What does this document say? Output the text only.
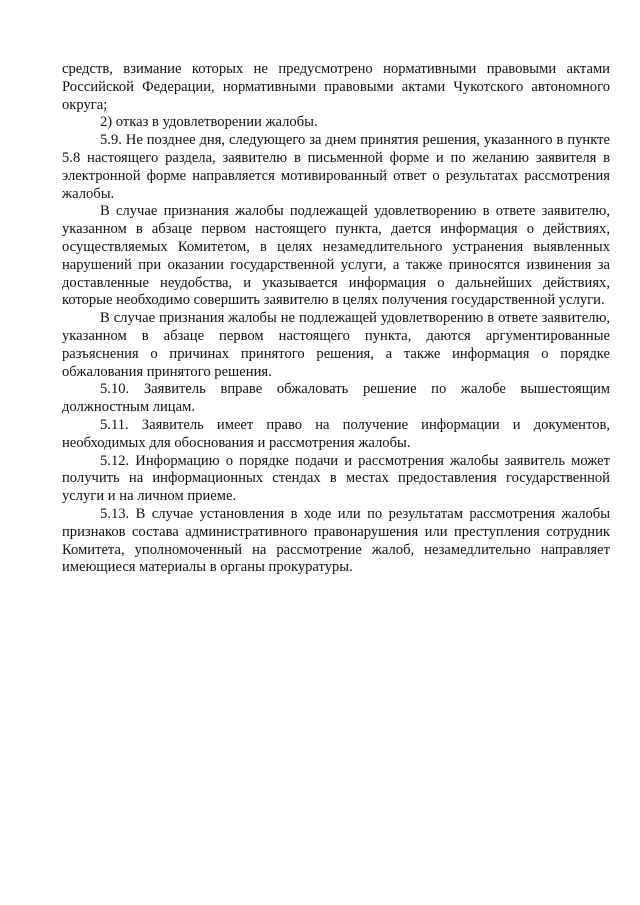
средств, взимание которых не предусмотрено нормативными правовыми актами Российской Федерации, нормативными правовыми актами Чукотского автономного округа;

2) отказ в удовлетворении жалобы.

5.9. Не позднее дня, следующего за днем принятия решения, указанного в пункте 5.8 настоящего раздела, заявителю в письменной форме и по желанию заявителя в электронной форме направляется мотивированный ответ о результатах рассмотрения жалобы.

В случае признания жалобы подлежащей удовлетворению в ответе заявителю, указанном в абзаце первом настоящего пункта, дается информация о действиях, осуществляемых Комитетом, в целях незамедлительного устранения выявленных нарушений при оказании государственной услуги, а также приносятся извинения за доставленные неудобства, и указывается информация о дальнейших действиях, которые необходимо совершить заявителю в целях получения государственной услуги.

В случае признания жалобы не подлежащей удовлетворению в ответе заявителю, указанном в абзаце первом настоящего пункта, даются аргументированные разъяснения о причинах принятого решения, а также информация о порядке обжалования принятого решения.

5.10. Заявитель вправе обжаловать решение по жалобе вышестоящим должностным лицам.

5.11. Заявитель имеет право на получение информации и документов, необходимых для обоснования и рассмотрения жалобы.

5.12. Информацию о порядке подачи и рассмотрения жалобы заявитель может получить на информационных стендах в местах предоставления государственной услуги и на личном приеме.

5.13. В случае установления в ходе или по результатам рассмотрения жалобы признаков состава административного правонарушения или преступления сотрудник Комитета, уполномоченный на рассмотрение жалоб, незамедлительно направляет имеющиеся материалы в органы прокуратуры.
